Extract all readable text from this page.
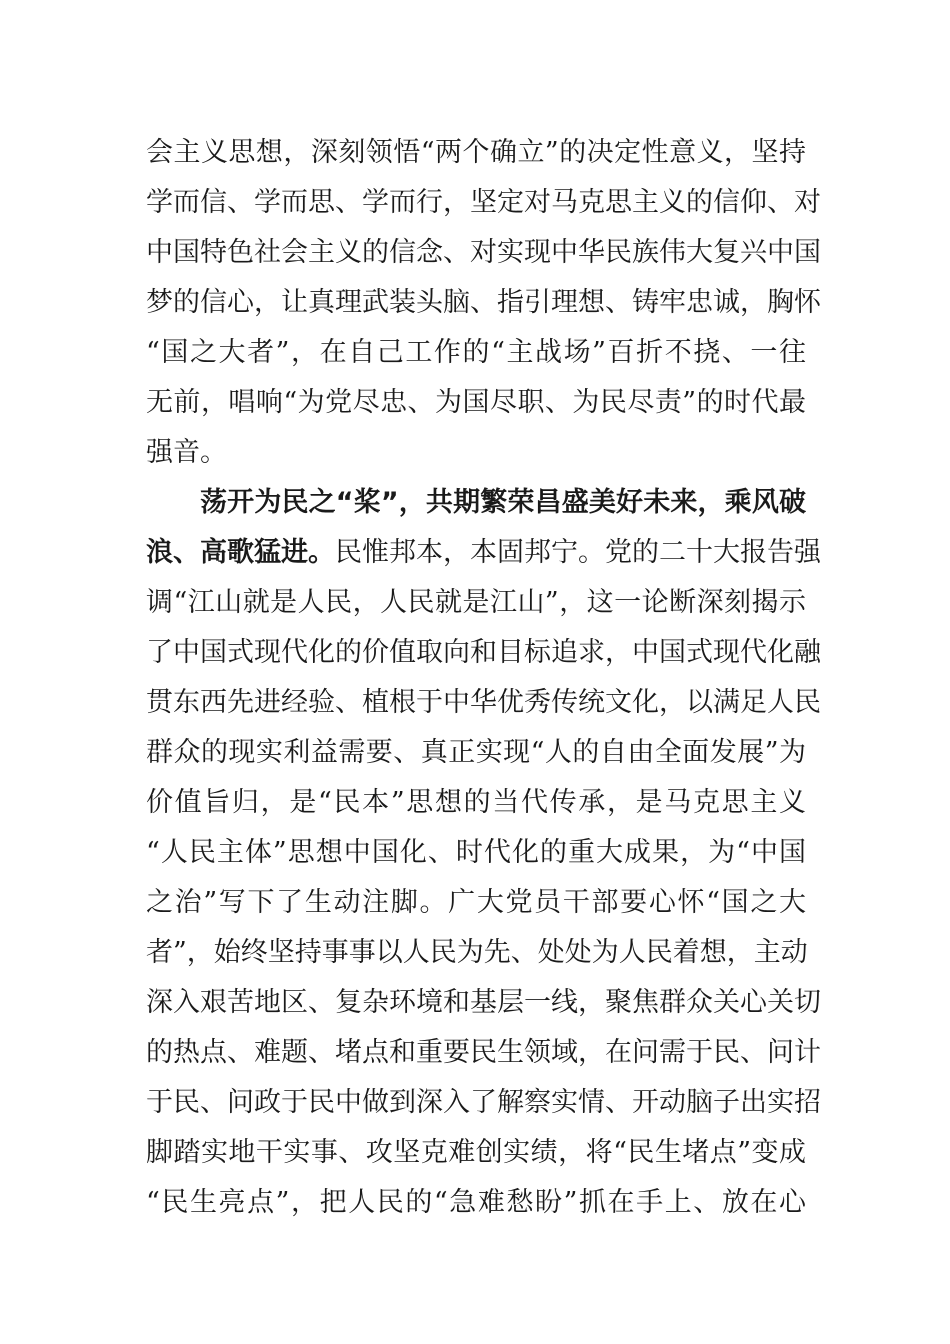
会主义思想，深刻领悟“两个确立”的决定性意义，坚持
学而信、学而思、学而行，坚定对马克思主义的信仰、对
中国特色社会主义的信念、对实现中华民族伟大复兴中国
梦的信心，让真理武装头脑、指引理想、铸牢忠诚，胸怀
“国之大者”，在自己工作的“主战场”百折不挠、一往
无前，唱响“为党尽忠、为国尽职、为民尽责”的时代最
强音。
荡开为民之“桨”，共期繁荣昌盛美好未来，乘风破
浪、高歌猛进。 民惟邦本，本固邦宁。党的二十大报告强
调“江山就是人民，人民就是江山”，这一论断深刻揭示
了中国式现代化的价值取向和目标追求，中国式现代化融
贯东西先进经验、植根于中华优秀传统文化，以满足人民
群众的现实利益需要、真正实现“人的自由全面发展”为
价值旨归，是“民本”思想的当代传承，是马克思主义
“人民主体”思想中国化、时代化的重大成果，为“中国
之治”写下了生动注脚。广大党员干部要心怀“国之大
者”，始终坚持事事以人民为先、处处为人民着想，主动
深入艰苦地区、复杂环境和基层一线，聚焦群众关心关切
的热点、难题、堵点和重要民生领域，在问需于民、问计
于民、问政于民中做到深入了解察实情、开动脑子出实招
脚踏实地干实事、攻坚克难创实绩，将“民生堵点”变成
“民生亮点”，把人民的“急难愁盼”抓在手上、放在心
